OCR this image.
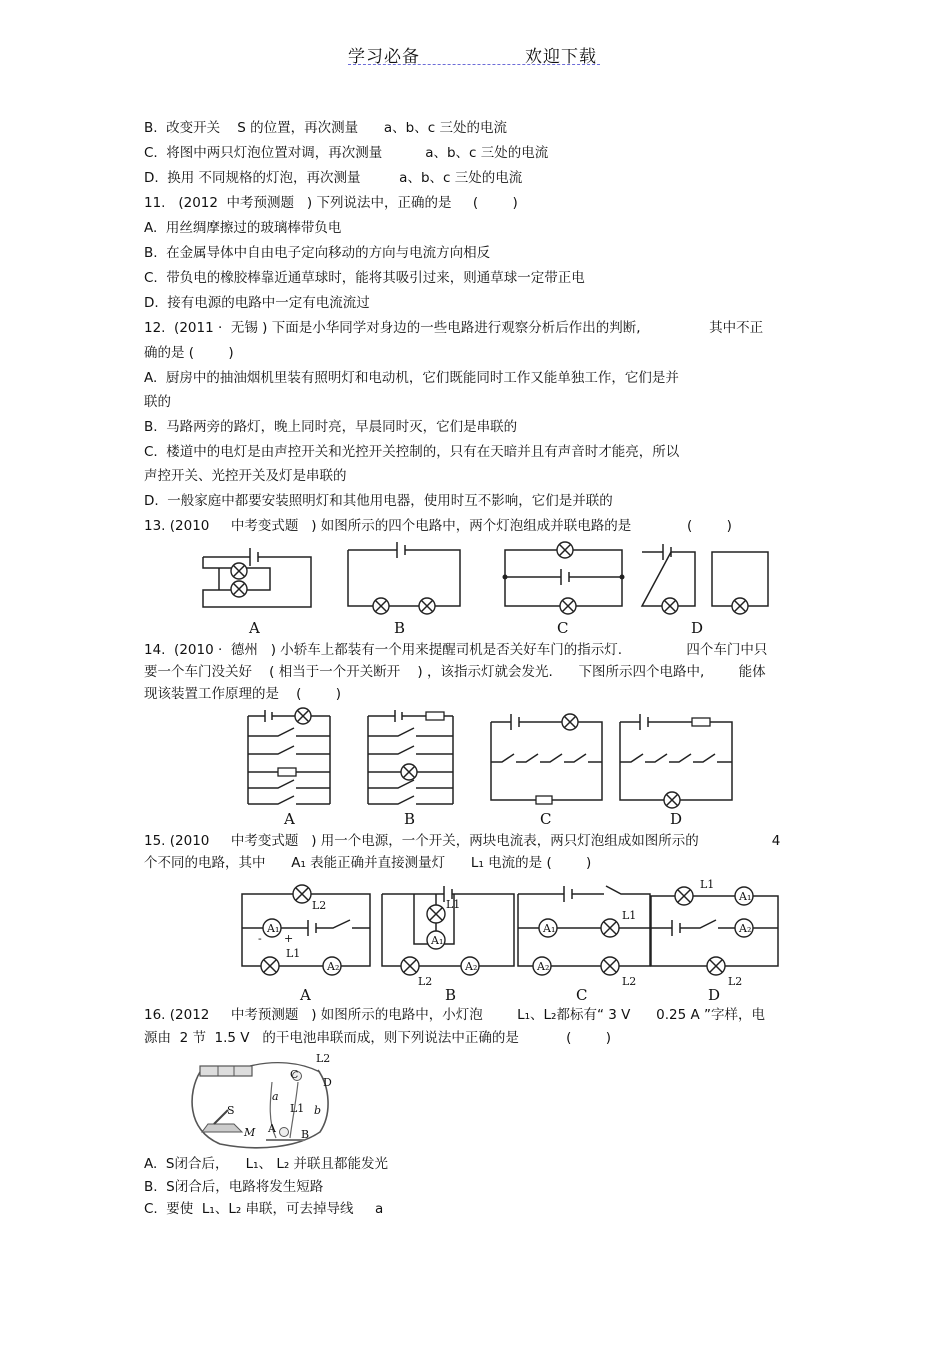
学习必备	欢迎下载
B.  改变开关    S 的位置，再次测量      a、b、c 三处的电流
C.  将图中两只灯泡位置对调，再次测量          a、b、c 三处的电流
D.  换用 不同规格的灯泡，再次测量         a、b、c 三处的电流
11.   (2012  中考预测题   ) 下列说法中，正确的是     (        )
A.  用丝绸摩擦过的玻璃棒带负电
B.  在金属导体中自由电子定向移动的方向与电流方向相反
C.  带负电的橡胶棒靠近通草球时，能将其吸引过来，则通草球一定带正电
D.  接有电源的电路中一定有电流流过
12.  (2011 ·  无锡 ) 下面是小华同学对身边的一些电路进行观察分析后作出的判断,                其中不正
确的是 (        )
A.  厨房中的抽油烟机里装有照明灯和电动机，它们既能同时工作又能单独工作，它们是并
联的
B.  马路两旁的路灯，晚上同时亮，早晨同时灭，它们是串联的
C.  楼道中的电灯是由声控开关和光控开关控制的，只有在天暗并且有声音时才能亮，所以
声控开关、光控开关及灯是串联的
D.  一般家庭中都要安装照明灯和其他用电器，使用时互不影响，它们是并联的
13. (2010     中考变式题   ) 如图所示的四个电路中，两个灯泡组成并联电路的是             (        )
A	B	C	D
14.  (2010 ·  德州   ) 小轿车上都装有一个用来提醒司机是否关好车门的指示灯.               四个车门中只
要一个车门没关好    ( 相当于一个开关断开    ) ，该指示灯就会发光.      下图所示四个电路中,        能体
现该装置工作原理的是    (        )
A	B	C	D
15. (2010     中考变式题   ) 用一个电源，一个开关，两块电流表，两只灯泡组成如图所示的                 4
个不同的电路，其中      A₁ 表能正确并直接测量灯      L₁ 电流的是 (        )
A₁
A₂
L2
L1
+
-	A₁
A₂
L1
L2
A₁
A₂
L1
L2
A₁
A₂
L1
L2
A	B	C	D
16. (2012     中考预测题   ) 如图所示的电路中，小灯泡        L₁、L₂都标有“ 3 V      0.25 A ”字样，电
源由  2 节  1.5 V   的干电池串联而成，则下列说法中正确的是           (        )
L2
C
D
a
L1 b
S
M A B
A.  S闭合后，    L₁、 L₂ 并联且都能发光
B.  S闭合后，电路将发生短路
C.  要使  L₁、L₂ 串联，可去掉导线     a
